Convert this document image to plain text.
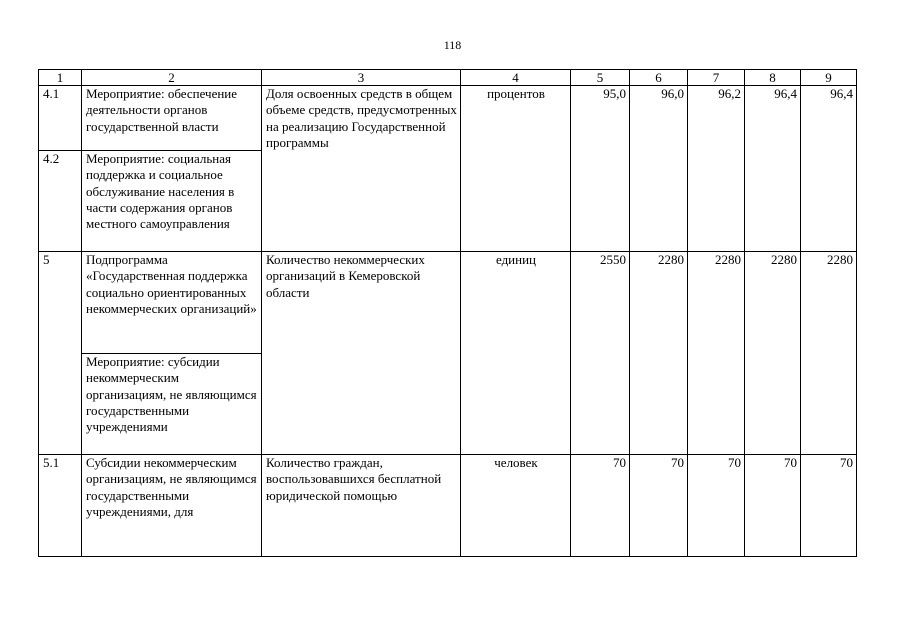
118
1	2	3	4	5	6	7	8	9
4.1	Мероприятие: обеспечение деятельности органов государственной власти	Доля освоенных средств в общем объеме средств, предусмотренных на реализацию Государственной программы	процентов	95,0	96,0	96,2	96,4	96,4
4.2	Мероприятие: социальная поддержка и социальное обслуживание населения в части содержания органов местного самоуправления							
5	Подпрограмма «Государственная поддержка социально ориентированных некоммерческих организаций»	Количество некоммерческих организаций в Кемеровской области	единиц	2550	2280	2280	2280	2280
	Мероприятие: субсидии некоммерческим организациям, не являющимся государственными учреждениями							
5.1	Субсидии некоммерческим организациям, не являющимся государственными учреждениями, для	Количество граждан, воспользовавшихся бесплатной юридической помощью	человек	70	70	70	70	70
